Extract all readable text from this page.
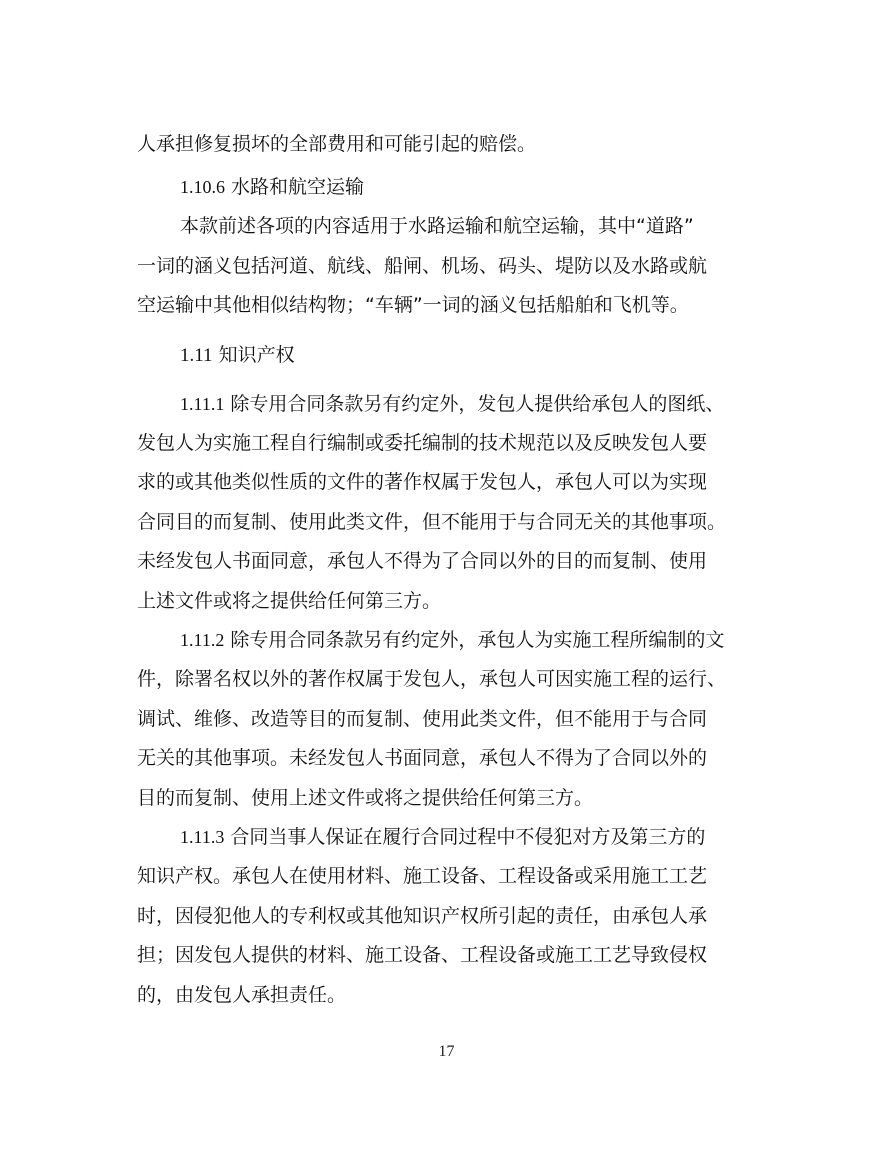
人承担修复损坏的全部费用和可能引起的赔偿。
1.10.6 水路和航空运输
本款前述各项的内容适用于水路运输和航空运输，其中“道路”
一词的涵义包括河道、航线、船闸、机场、码头、堤防以及水路或航
空运输中其他相似结构物；“车辆”一词的涵义包括船舶和飞机等。
1.11 知识产权
1.11.1 除专用合同条款另有约定外，发包人提供给承包人的图纸、
发包人为实施工程自行编制或委托编制的技术规范以及反映发包人要
求的或其他类似性质的文件的著作权属于发包人，承包人可以为实现
合同目的而复制、使用此类文件，但不能用于与合同无关的其他事项。
未经发包人书面同意，承包人不得为了合同以外的目的而复制、使用
上述文件或将之提供给任何第三方。
1.11.2 除专用合同条款另有约定外，承包人为实施工程所编制的文
件，除署名权以外的著作权属于发包人，承包人可因实施工程的运行、
调试、维修、改造等目的而复制、使用此类文件，但不能用于与合同
无关的其他事项。未经发包人书面同意，承包人不得为了合同以外的
目的而复制、使用上述文件或将之提供给任何第三方。
1.11.3 合同当事人保证在履行合同过程中不侵犯对方及第三方的
知识产权。承包人在使用材料、施工设备、工程设备或采用施工工艺
时，因侵犯他人的专利权或其他知识产权所引起的责任，由承包人承
担；因发包人提供的材料、施工设备、工程设备或施工工艺导致侵权
的，由发包人承担责任。
17
